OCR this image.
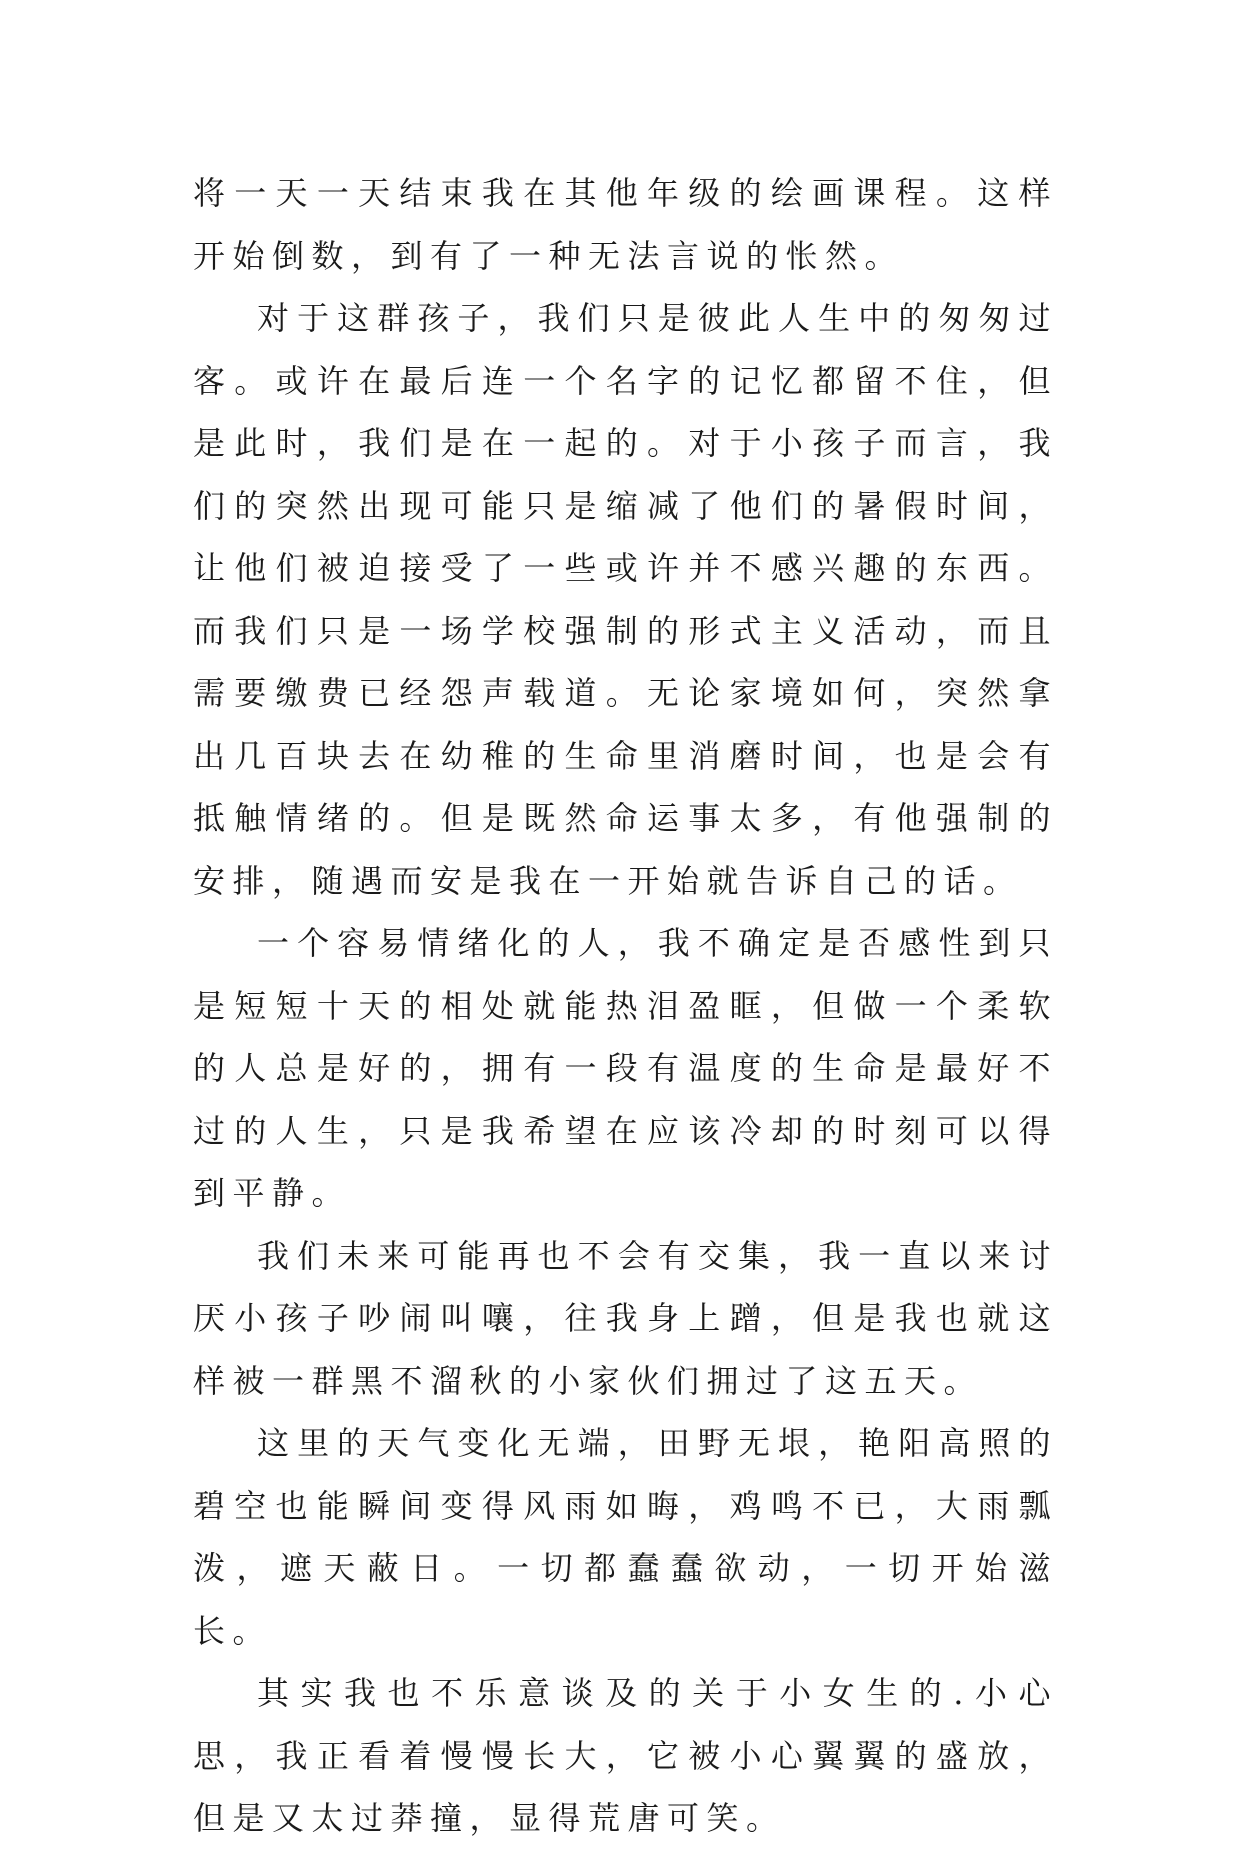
将一天一天结束我在其他年级的绘画课程。这样开始倒数，到有了一种无法言说的怅然。

对于这群孩子，我们只是彼此人生中的匆匆过客。或许在最后连一个名字的记忆都留不住，但是此时，我们是在一起的。对于小孩子而言，我们的突然出现可能只是缩减了他们的暑假时间，让他们被迫接受了一些或许并不感兴趣的东西。而我们只是一场学校强制的形式主义活动，而且需要缴费已经怨声载道。无论家境如何，突然拿出几百块去在幼稚的生命里消磨时间，也是会有抵触情绪的。但是既然命运事太多，有他强制的安排，随遇而安是我在一开始就告诉自己的话。

一个容易情绪化的人，我不确定是否感性到只是短短十天的相处就能热泪盈眶，但做一个柔软的人总是好的，拥有一段有温度的生命是最好不过的人生，只是我希望在应该冷却的时刻可以得到平静。

我们未来可能再也不会有交集，我一直以来讨厌小孩子吵闹叫嚷，往我身上蹭，但是我也就这样被一群黑不溜秋的小家伙们拥过了这五天。

这里的天气变化无端，田野无垠，艳阳高照的碧空也能瞬间变得风雨如晦，鸡鸣不已，大雨瓢泼，遮天蔽日。一切都蠢蠢欲动，一切开始滋长。

其实我也不乐意谈及的关于小女生的.小心思，我正看着慢慢长大，它被小心翼翼的盛放，但是又太过莽撞，显得荒唐可笑。
